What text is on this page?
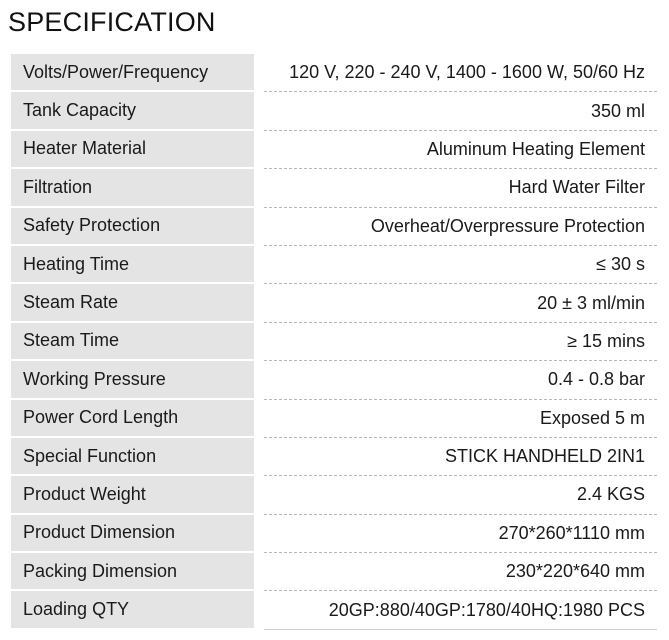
SPECIFICATION
Volts/Power/Frequency	120 V, 220 - 240 V, 1400 - 1600 W, 50/60 Hz
Tank Capacity	350 ml
Heater Material	Aluminum Heating Element
Filtration	Hard Water Filter
Safety Protection	Overheat/Overpressure Protection
Heating Time	≤ 30 s
Steam Rate	20 ± 3 ml/min
Steam Time	≥ 15 mins
Working Pressure	0.4 - 0.8 bar
Power Cord Length	Exposed 5 m
Special Function	STICK HANDHELD 2IN1
Product Weight	2.4 KGS
Product Dimension	270*260*1110 mm
Packing Dimension	230*220*640 mm
Loading QTY	20GP:880/40GP:1780/40HQ:1980 PCS
